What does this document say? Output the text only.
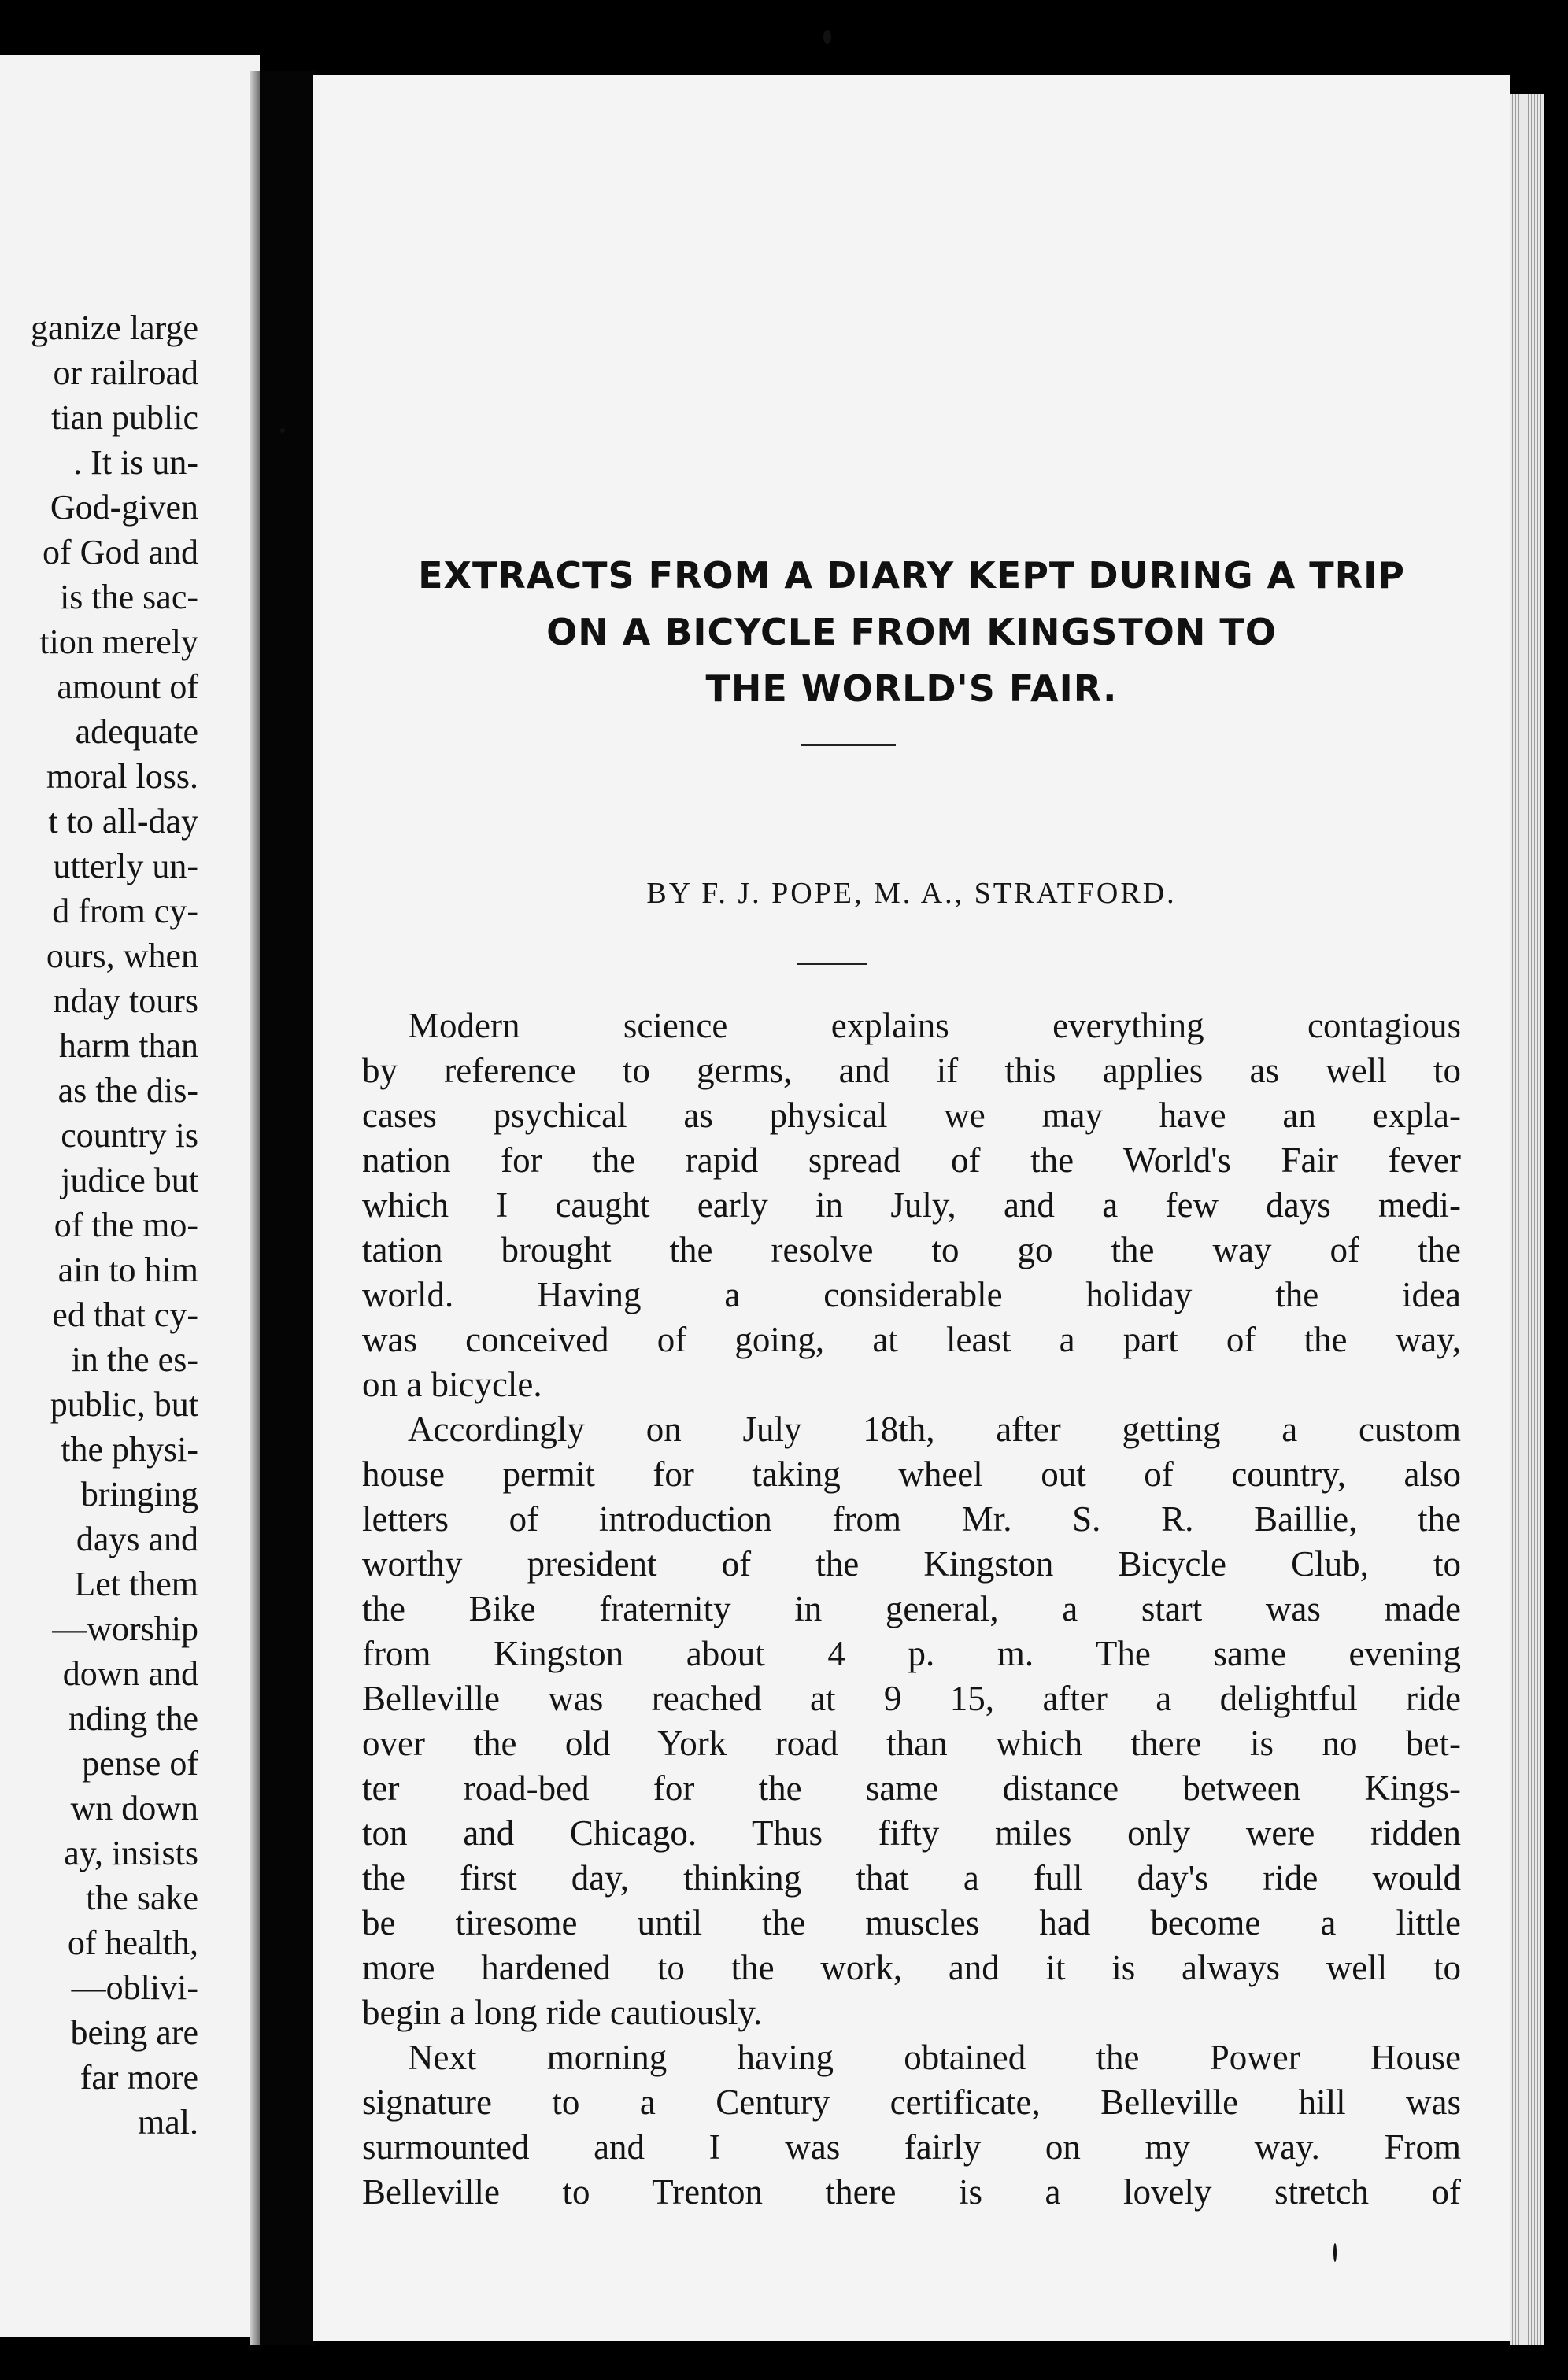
ganize large
or railroad
tian public
. It is un-
God-given
of God and
is the sac-
tion merely
amount of
adequate
moral loss.
t to all-day
utterly un-
d from cy-
ours, when
nday tours
harm than
as the dis-
country is
judice but
of the mo-
ain to him
ed that cy-
in the es-
public, but
the physi-
bringing
days and
Let them
—worship
down and
nding the
pense of
wn down
ay, insists
the sake
of health,
—oblivi-
being are
far more
mal.
EXTRACTS FROM A DIARY KEPT DURING A TRIP
ON A BICYCLE FROM KINGSTON TO
THE WORLD'S FAIR.
BY F. J. POPE, M. A., STRATFORD.
Modern science explains everything contagious
by reference to germs, and if this applies as well to
cases psychical as physical we may have an expla-
nation for the rapid spread of the World's Fair fever
which I caught early in July, and a few days medi-
tation brought the resolve to go the way of the
world. Having a considerable holiday the idea
was conceived of going, at least a part of the way,
on a bicycle.
Accordingly on July 18th, after getting a custom
house permit for taking wheel out of country, also
letters of introduction from Mr. S. R. Baillie, the
worthy president of the Kingston Bicycle Club, to
the Bike fraternity in general, a start was made
from Kingston about 4 p. m. The same evening
Belleville was reached at 9 15, after a delightful ride
over the old York road than which there is no bet-
ter road-bed for the same distance between Kings-
ton and Chicago. Thus fifty miles only were ridden
the first day, thinking that a full day's ride would
be tiresome until the muscles had become a little
more hardened to the work, and it is always well to
begin a long ride cautiously.
Next morning having obtained the Power House
signature to a Century certificate, Belleville hill was
surmounted and I was fairly on my way. From
Belleville to Trenton there is a lovely stretch of
